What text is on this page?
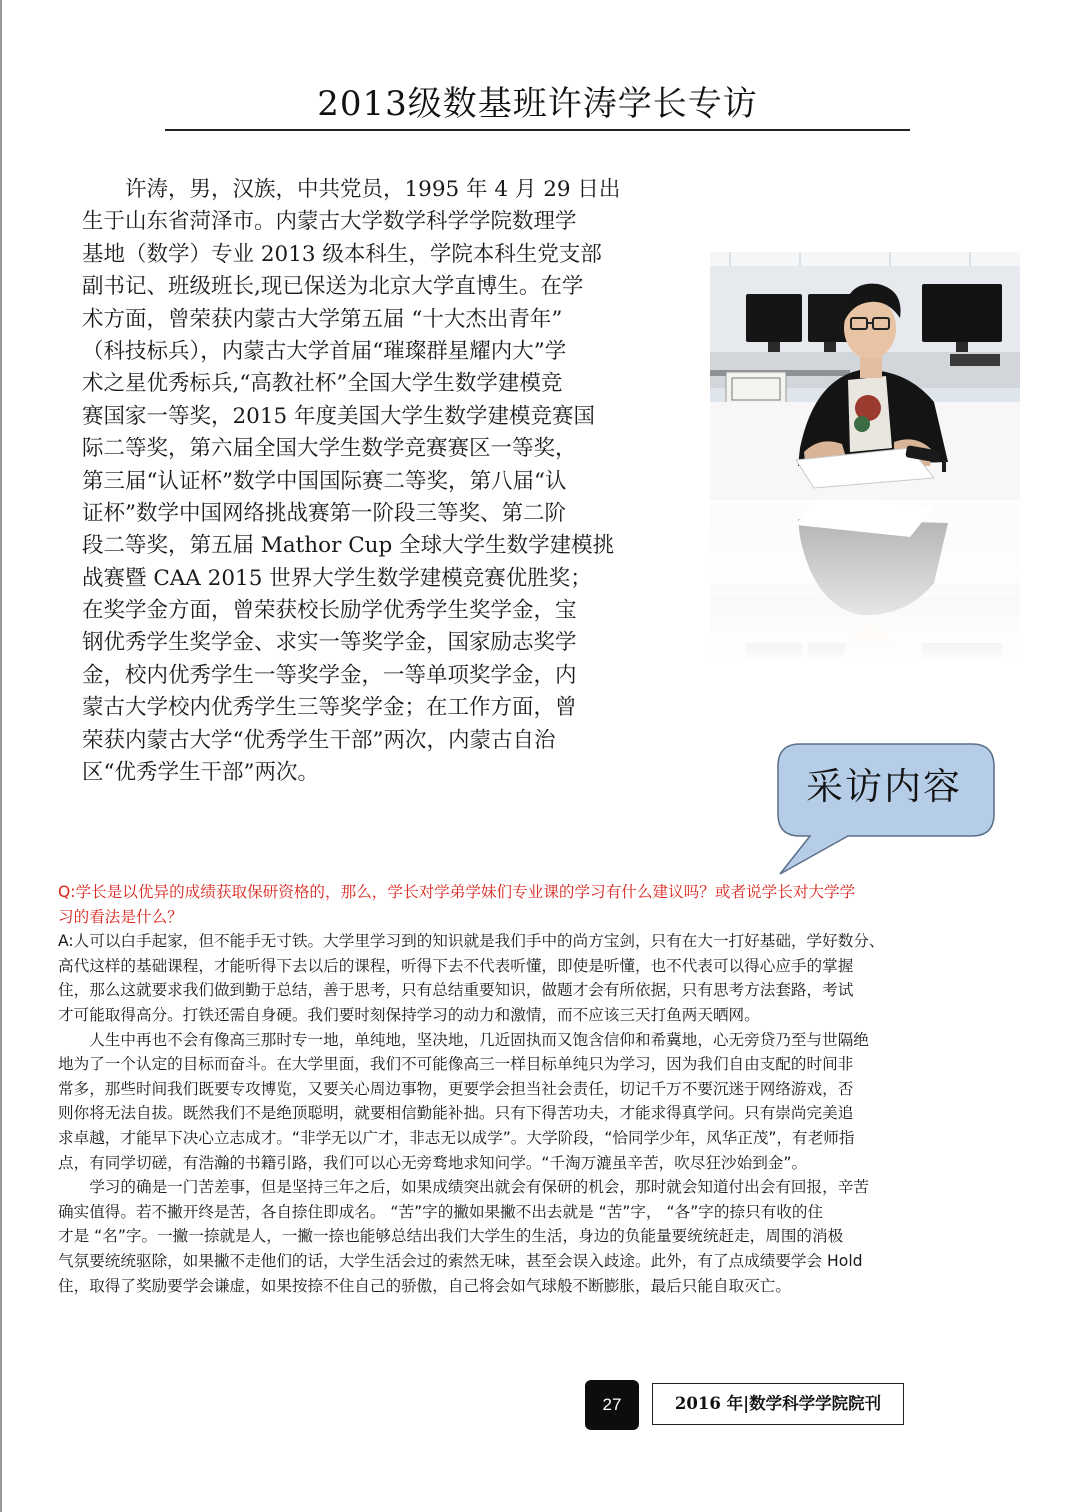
2013级数基班许涛学长专访

　　许涛，男，汉族，中共党员，1995 年 4 月 29 日出
生于山东省菏泽市。内蒙古大学数学科学学院数理学
基地（数学）专业 2013 级本科生，学院本科生党支部
副书记、班级班长,现已保送为北京大学直博生。在学
术方面，曾荣获内蒙古大学第五届 “十大杰出青年”
（科技标兵），内蒙古大学首届“璀璨群星耀内大”学
术之星优秀标兵,“高教社杯”全国大学生数学建模竞
赛国家一等奖，2015 年度美国大学生数学建模竞赛国
际二等奖，第六届全国大学生数学竞赛赛区一等奖，
第三届“认证杯”数学中国国际赛二等奖，第八届“认
证杯”数学中国网络挑战赛第一阶段三等奖、第二阶
段二等奖，第五届 Mathor Cup 全球大学生数学建模挑
战赛暨 CAA 2015 世界大学生数学建模竞赛优胜奖；
在奖学金方面，曾荣获校长励学优秀学生奖学金，宝
钢优秀学生奖学金、求实一等奖学金，国家励志奖学
金，校内优秀学生一等奖学金，一等单项奖学金，内
蒙古大学校内优秀学生三等奖学金；在工作方面，曾
荣获内蒙古大学“优秀学生干部”两次，内蒙古自治
区“优秀学生干部”两次。	采访内容
Q:学长是以优异的成绩获取保研资格的，那么，学长对学弟学妹们专业课的学习有什么建议吗？或者说学长对大学学
习的看法是什么？
A:人可以白手起家，但不能手无寸铁。大学里学习到的知识就是我们手中的尚方宝剑，只有在大一打好基础，学好数分、
高代这样的基础课程，才能听得下去以后的课程，听得下去不代表听懂，即使是听懂，也不代表可以得心应手的掌握
住，那么这就要求我们做到勤于总结，善于思考，只有总结重要知识，做题才会有所依据，只有思考方法套路，考试
才可能取得高分。打铁还需自身硬。我们要时刻保持学习的动力和激情，而不应该三天打鱼两天晒网。
　　人生中再也不会有像高三那时专一地，单纯地，坚决地，几近固执而又饱含信仰和希冀地，心无旁贷乃至与世隔绝
地为了一个认定的目标而奋斗。在大学里面，我们不可能像高三一样目标单纯只为学习，因为我们自由支配的时间非
常多，那些时间我们既要专攻博览，又要关心周边事物，更要学会担当社会责任，切记千万不要沉迷于网络游戏，否
则你将无法自拔。既然我们不是绝顶聪明，就要相信勤能补拙。只有下得苦功夫，才能求得真学问。只有崇尚完美追
求卓越，才能早下决心立志成才。“非学无以广才，非志无以成学”。大学阶段，“恰同学少年，风华正茂”，有老师指
点，有同学切磋，有浩瀚的书籍引路，我们可以心无旁骛地求知问学。“千淘万漉虽辛苦，吹尽狂沙始到金”。
　　学习的确是一门苦差事，但是坚持三年之后，如果成绩突出就会有保研的机会，那时就会知道付出会有回报，辛苦
确实值得。若不撇开终是苦，各自捺住即成名。 “苦”字的撇如果撇不出去就是 “苦”字， “各”字的捺只有收的住
才是 “名”字。一撇一捺就是人，一撇一捺也能够总结出我们大学生的生活，身边的负能量要统统赶走，周围的消极
气氛要统统驱除，如果撇不走他们的话，大学生活会过的索然无味，甚至会误入歧途。此外，有了点成绩要学会 Hold
住，取得了奖励要学会谦虚，如果按捺不住自己的骄傲，自己将会如气球般不断膨胀，最后只能自取灭亡。
27	2016 年|数学科学学院院刊
